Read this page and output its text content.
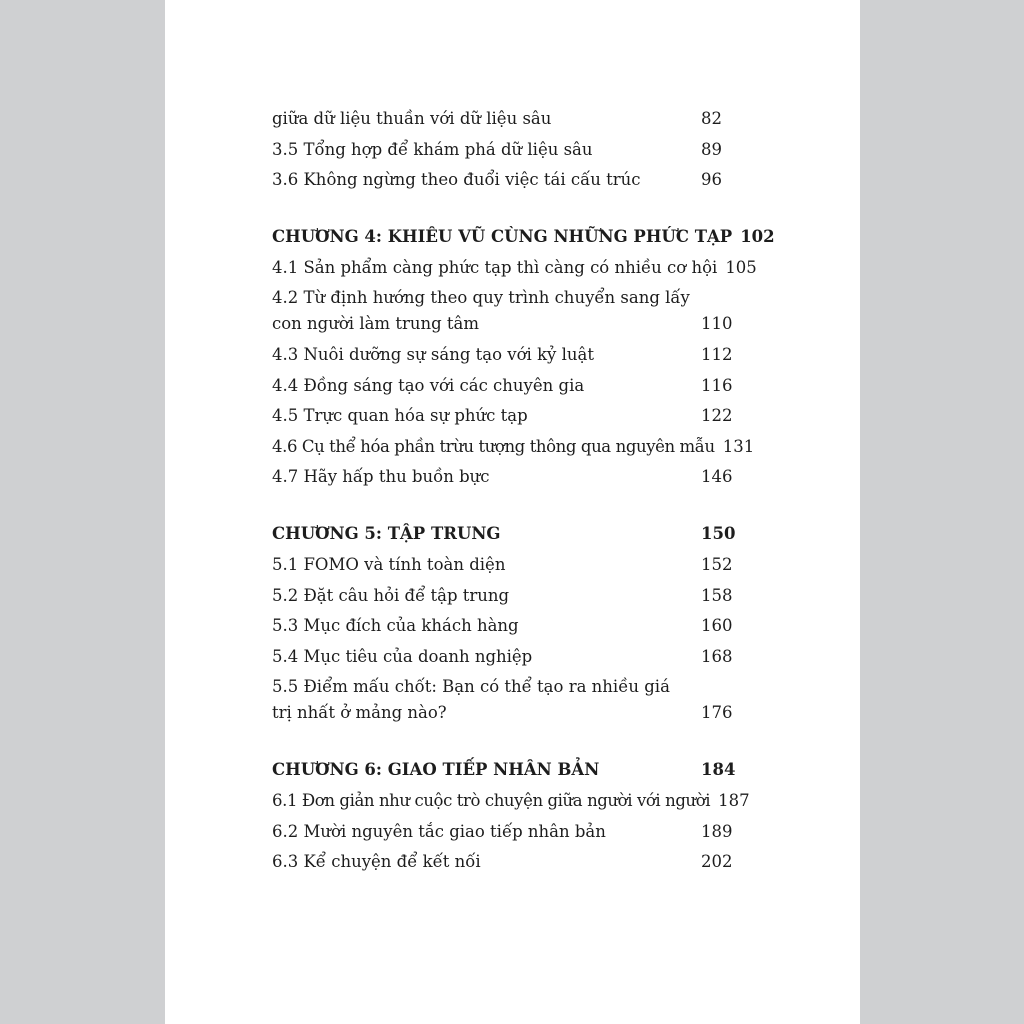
giữa dữ liệu thuần với dữ liệu sâu	82
3.5 Tổng hợp để khám phá dữ liệu sâu	89
3.6 Không ngừng theo đuổi việc tái cấu trúc	96
CHƯƠNG 4: KHIÊU VŨ CÙNG NHỮNG PHỨC TẠP 102
4.1 Sản phẩm càng phức tạp thì càng có nhiều cơ hội 105
4.2 Từ định hướng theo quy trình chuyển sang lấy con người làm trung tâm	110
4.3 Nuôi dưỡng sự sáng tạo với kỷ luật	112
4.4 Đồng sáng tạo với các chuyên gia	116
4.5 Trực quan hóa sự phức tạp	122
4.6 Cụ thể hóa phần trừu tượng thông qua nguyên mẫu 131
4.7 Hãy hấp thu buồn bực	146
CHƯƠNG 5: TẬP TRUNG	150
5.1 FOMO và tính toàn diện	152
5.2 Đặt câu hỏi để tập trung	158
5.3 Mục đích của khách hàng	160
5.4 Mục tiêu của doanh nghiệp	168
5.5 Điểm mấu chốt: Bạn có thể tạo ra nhiều giá trị nhất ở mảng nào?	176
CHƯƠNG 6: GIAO TIẾP NHÂN BẢN	184
6.1 Đơn giản như cuộc trò chuyện giữa người với người 187
6.2 Mười nguyên tắc giao tiếp nhân bản	189
6.3 Kể chuyện để kết nối	202
